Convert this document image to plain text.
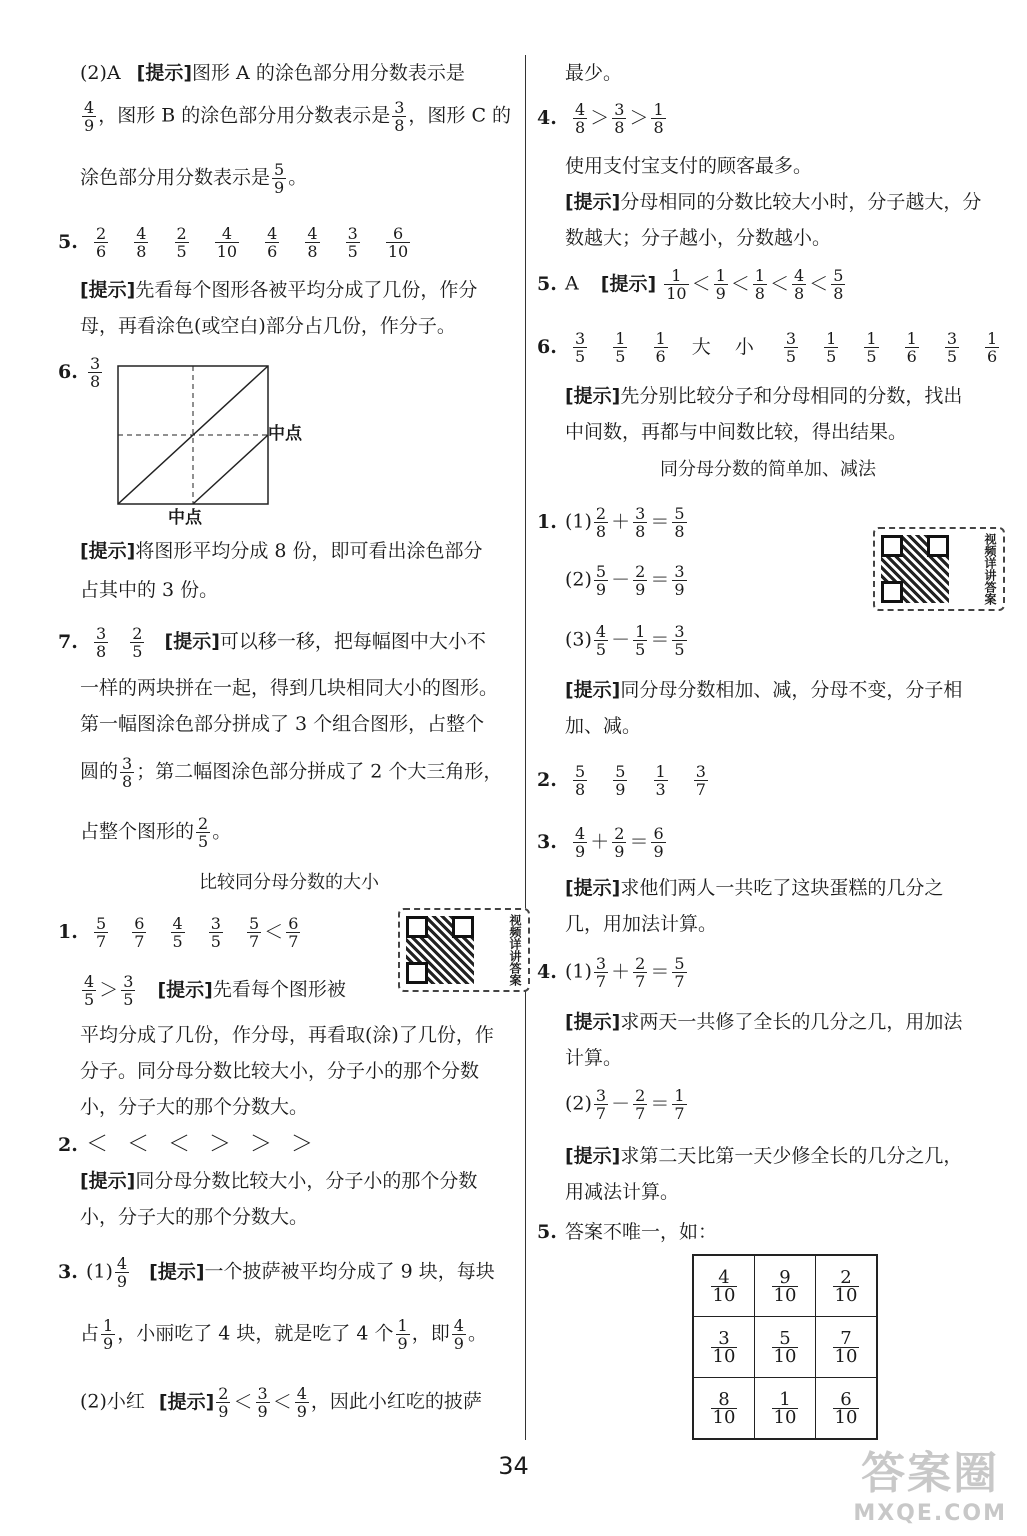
(2)A [提示]图形 A 的涂色部分用分数表示是
$\frac{4}{9}$ ，图形 B 的涂色部分用分数表示是 $\frac{3}{8}$ ，图形 C 的
涂色部分用分数表示是 $\frac{5}{9}$ 。
5. $\frac{2}{6}$
$\frac{4}{8}$
$\frac{2}{5}$
$\frac{4}{10}$
$\frac{4}{6}$
$\frac{4}{8}$
$\frac{3}{5}$
$\frac{6}{10}$
[提示]先看每个图形各被平均分成了几份，作分
母，再看涂色(或空白)部分占几份，作分子。
6. $\frac{3}{8}$
中点
中点
[提示]将图形平均分成 8 份，即可看出涂色部分
占其中的 3 份。
7. $\frac{3}{8}$
$\frac{2}{5}$ [提示]可以移一移，把每幅图中大小不
一样的两块拼在一起，得到几块相同大小的图形。
第一幅图涂色部分拼成了 3 个组合图形，占整个
圆的 $\frac{3}{8}$ ；第二幅图涂色部分拼成了 2 个大三角形，
占整个图形的 $\frac{2}{5}$ 。
比较同分母分数的大小
1. $\frac{5}{7}$
$\frac{6}{7}$
$\frac{4}{5}$
$\frac{3}{5}$
$\frac{5}{7} < \frac{6}{7}$	视频详讲答案
$\frac{4}{5} > \frac{3}{5}$ [提示]先看每个图形被
平均分成了几份，作分母，再看取(涂)了几份，作
分子。同分母分数比较大小，分子小的那个分数
小，分子大的那个分数大。
2. ＜ ＜ ＜ ＞ ＞ ＞
[提示]同分母分数比较大小，分子小的那个分数
小，分子大的那个分数大。
3. $(1) \frac{4}{9}$ [提示]一个披萨被平均分成了 9 块，每块
占 $\frac{1}{9}$ ，小丽吃了 4 块，就是吃了 4 个 $\frac{1}{9}$ ，即 $\frac{4}{9}$ 。
(2)小红 [提示] $\frac{2}{9} < \frac{3}{9} < \frac{4}{9}$ ，因此小红吃的披萨
最少。
4. $\frac{4}{8} > \frac{3}{8} > \frac{1}{8}$
使用支付宝支付的顾客最多。
[提示]分母相同的分数比较大小时，分子越大，分
数越大；分子越小，分数越小。
5. A [提示] $\frac{1}{10} < \frac{1}{9} < \frac{1}{8} < \frac{4}{8} < \frac{5}{8}$
6. $\frac{3}{5}$
$\frac{1}{5}$
$\frac{1}{6}$ 大 小 $\frac{3}{5}$
$\frac{1}{5}$
$\frac{1}{5}$
$\frac{1}{6}$
$\frac{3}{5}$
$\frac{1}{6}$
[提示]先分别比较分子和分母相同的分数，找出
中间数，再都与中间数比较，得出结果。
同分母分数的简单加、减法
1. $(1) \frac{2}{8} + \frac{3}{8} = \frac{5}{8}$
视频详讲答案
$(2) \frac{5}{9} - \frac{2}{9} = \frac{3}{9}$
$(3) \frac{4}{5} - \frac{1}{5} = \frac{3}{5}$
[提示]同分母分数相加、减，分母不变，分子相
加、减。
2. $\frac{5}{8}$
$\frac{5}{9}$
$\frac{1}{3}$
$\frac{3}{7}$
3. $\frac{4}{9} + \frac{2}{9} = \frac{6}{9}$
[提示]求他们两人一共吃了这块蛋糕的几分之
几，用加法计算。
4. $(1) \frac{3}{7} + \frac{2}{7} = \frac{5}{7}$
[提示]求两天一共修了全长的几分之几，用加法
计算。
$(2) \frac{3}{7} - \frac{2}{7} = \frac{1}{7}$
[提示]求第二天比第一天少修全长的几分之几，
用减法计算。
5. 答案不唯一，如：
$\frac{4}{10}$	$\frac{9}{10}$	$\frac{2}{10}$

$\frac{3}{10}$	$\frac{5}{10}$	$\frac{7}{10}$

$\frac{8}{10}$	$\frac{1}{10}$	$\frac{6}{10}$
34	答案圈
MXQE.COM
